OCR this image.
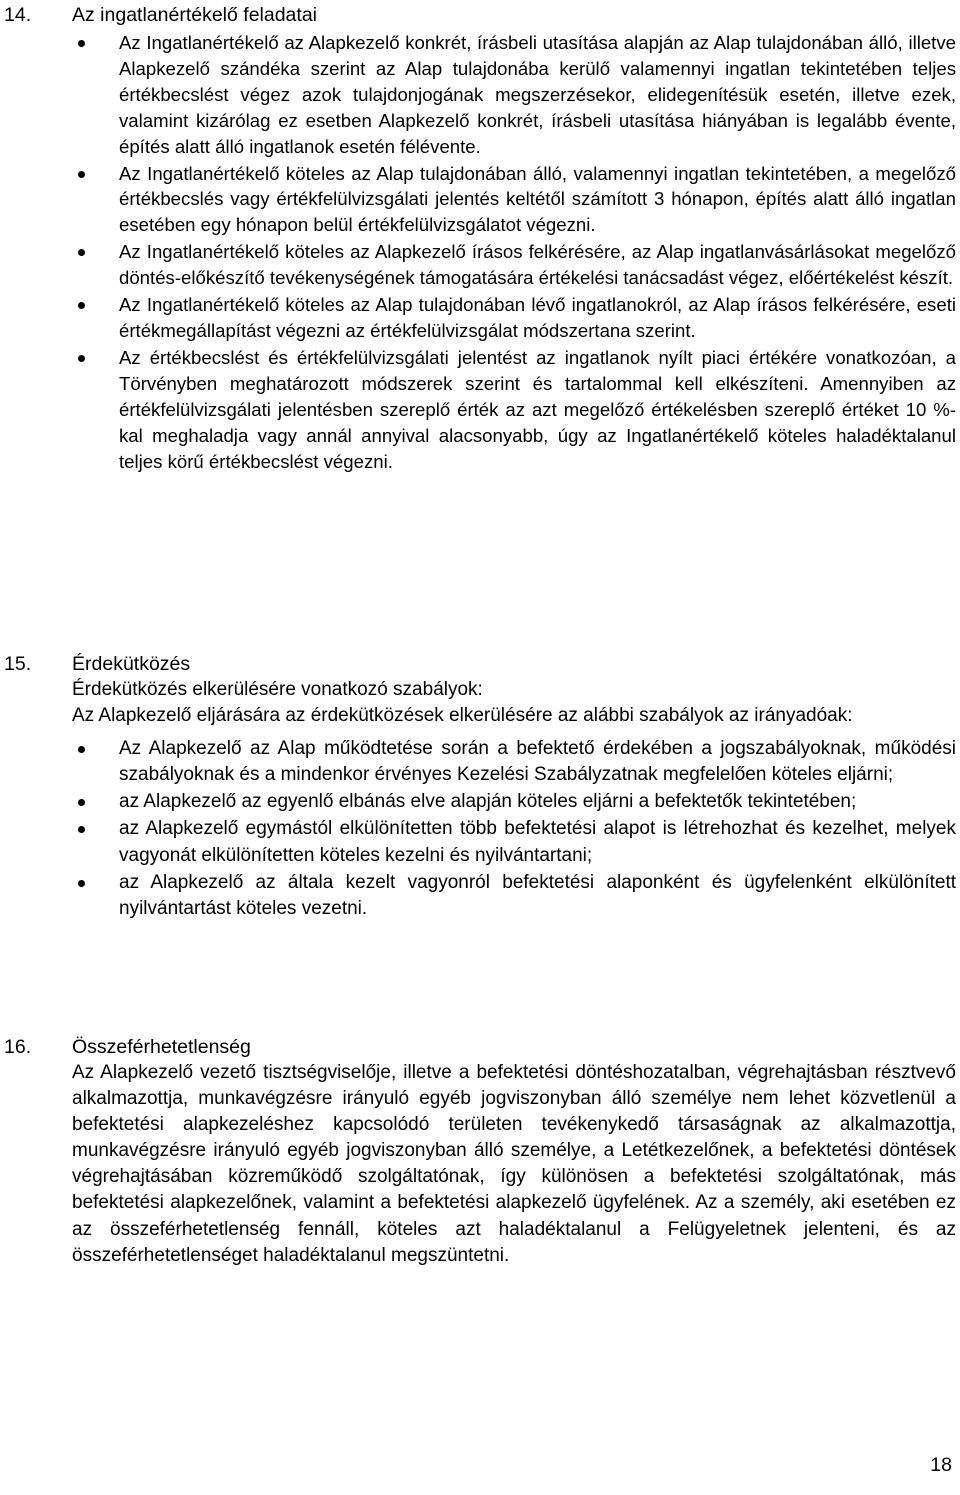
14. Az ingatlanértékelő feladatai
Az Ingatlanértékelő az Alapkezelő konkrét, írásbeli utasítása alapján az Alap tulajdonában álló, illetve Alapkezelő szándéka szerint az Alap tulajdonába kerülő valamennyi ingatlan tekintetében teljes értékbecslést végez azok tulajdonjogának megszerzésekor, elidegenítésük esetén, illetve ezek, valamint kizárólag ez esetben Alapkezelő konkrét, írásbeli utasítása hiányában is legalább évente, építés alatt álló ingatlanok esetén félévente.
Az Ingatlanértékelő köteles az Alap tulajdonában álló, valamennyi ingatlan tekintetében, a megelőző értékbecslés vagy értékfelülvizsgálati jelentés keltétől számított 3 hónapon, építés alatt álló ingatlan esetében egy hónapon belül értékfelülvizsgálatot végezni.
Az Ingatlanértékelő köteles az Alapkezelő írásos felkérésére, az Alap ingatlanvásárlásokat megelőző döntés-előkészítő tevékenységének támogatására értékelési tanácsadást végez, előértékelést készít.
Az Ingatlanértékelő köteles az Alap tulajdonában lévő ingatlanokról, az Alap írásos felkérésére, eseti értékmegállapítást végezni az értékfelülvizsgálat módszertana szerint.
Az értékbecslést és értékfelülvizsgálati jelentést az ingatlanok nyílt piaci értékére vonatkozóan, a Törvényben meghatározott módszerek szerint és tartalommal kell elkészíteni. Amennyiben az értékfelülvizsgálati jelentésben szereplő érték az azt megelőző értékelésben szereplő értéket 10 %-kal meghaladja vagy annál annyival alacsonyabb, úgy az Ingatlanértékelő köteles haladéktalanul teljes körű értékbecslést végezni.
15. Érdekütközés
Érdekütközés elkerülésére vonatkozó szabályok:
Az Alapkezelő eljárására az érdekütközések elkerülésére az alábbi szabályok az irányadóak:
Az Alapkezelő az Alap működtetése során a befektető érdekében a jogszabályoknak, működési szabályoknak és a mindenkor érvényes Kezelési Szabályzatnak megfelelően köteles eljárni;
az Alapkezelő az egyenlő elbánás elve alapján köteles eljárni a befektetők tekintetében;
az Alapkezelő egymástól elkülönítetten több befektetési alapot is létrehozhat és kezelhet, melyek vagyonát elkülönítetten köteles kezelni és nyilvántartani;
az Alapkezelő az általa kezelt vagyonról befektetési alaponként és ügyfelenként elkülönített nyilvántartást köteles vezetni.
16. Összeférhetetlenség

Az Alapkezelő vezető tisztségviselője, illetve a befektetési döntéshozatalban, végrehajtásban résztvevő alkalmazottja, munkavégzésre irányuló egyéb jogviszonyban álló személye nem lehet közvetlenül a befektetési alapkezeléshez kapcsolódó területen tevékenykedő társaságnak az alkalmazottja, munkavégzésre irányuló egyéb jogviszonyban álló személye, a Letétkezelőnek, a befektetési döntések végrehajtásában közreműködő szolgáltatónak, így különösen a befektetési szolgáltatónak, más befektetési alapkezelőnek, valamint a befektetési alapkezelő ügyfelének. Az a személy, aki esetében ez az összeférhetetlenség fennáll, köteles azt haladéktalanul a Felügyeletnek jelenteni, és az összeférhetetlenséget haladéktalanul megszüntetni.

18
